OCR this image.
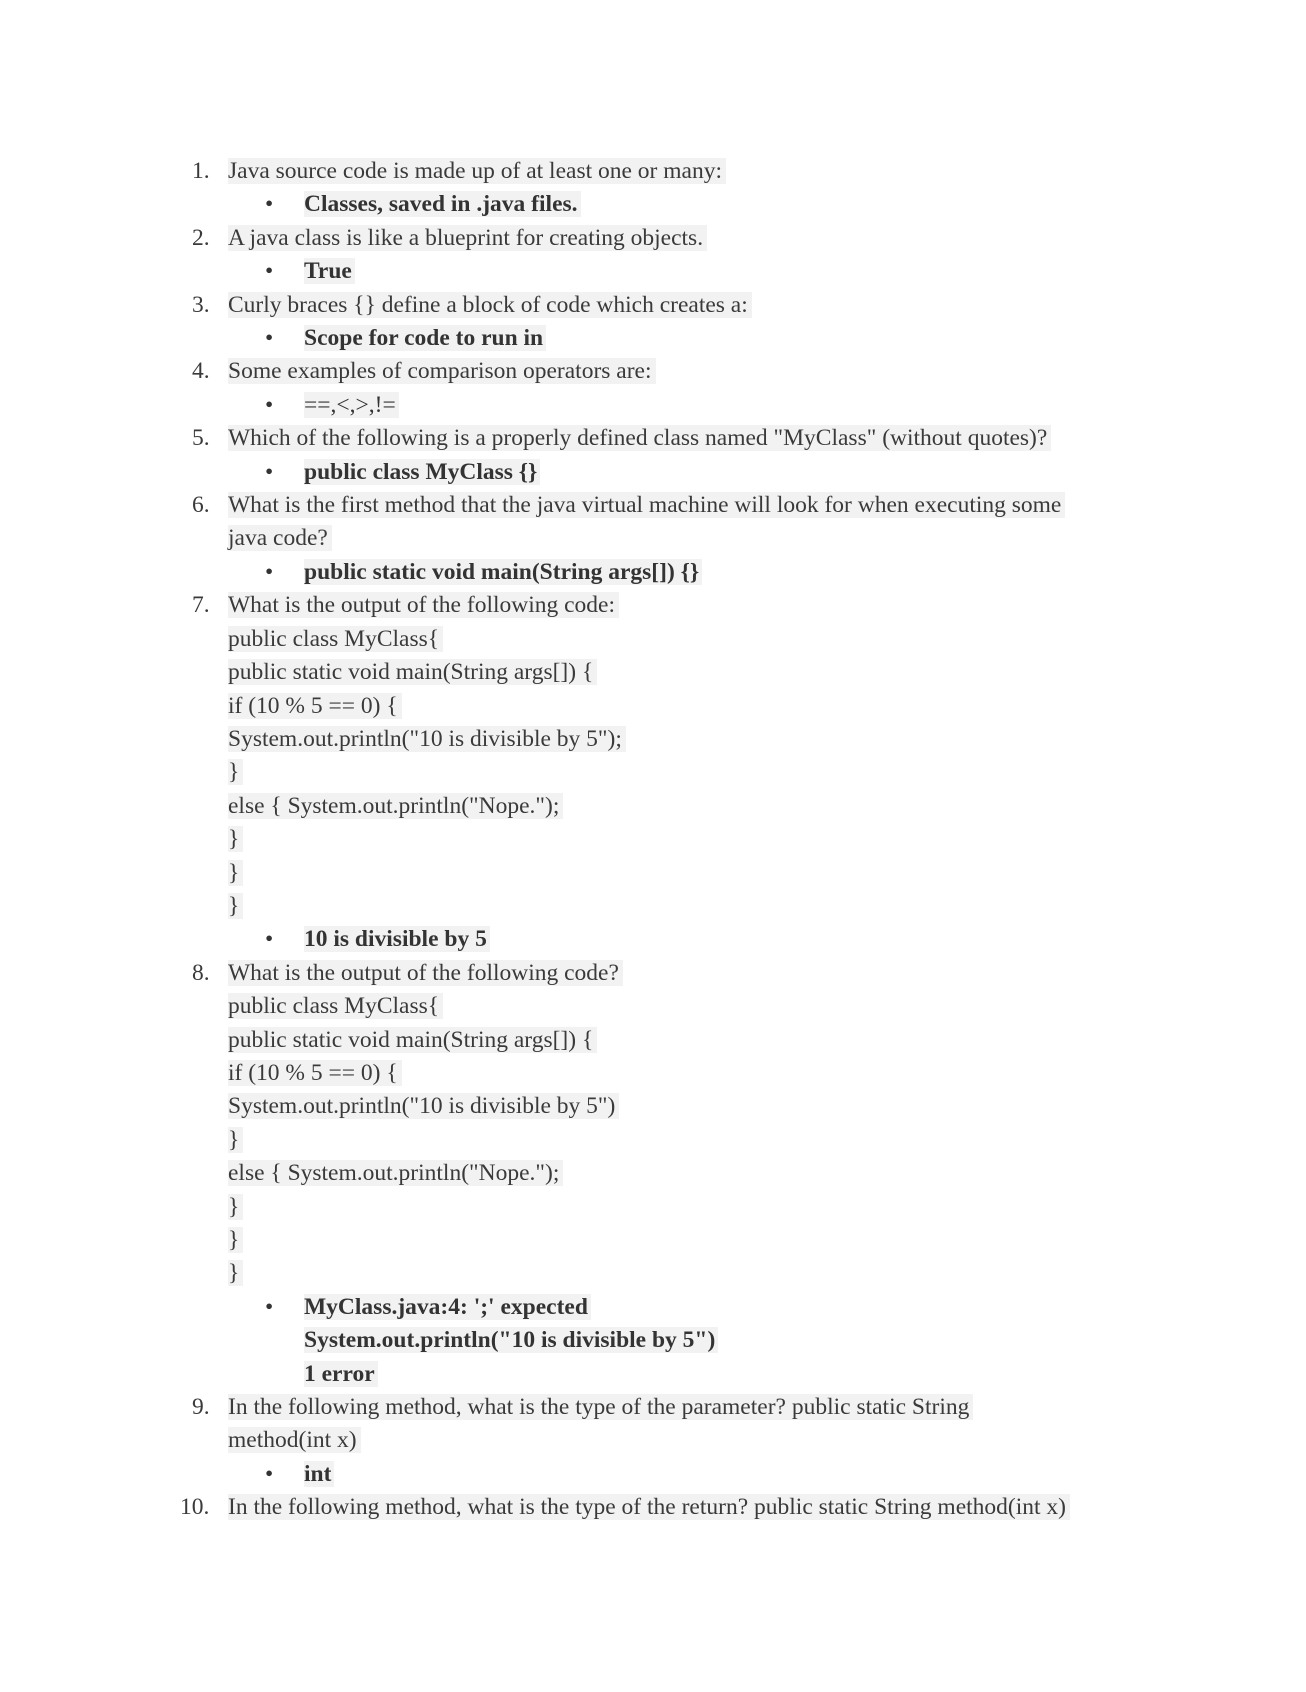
1. Java source code is made up of at least one or many:
• Classes, saved in .java files.
2. A java class is like a blueprint for creating objects.
• True
3. Curly braces {} define a block of code which creates a:
• Scope for code to run in
4. Some examples of comparison operators are:
• ==,<,>,!=
5. Which of the following is a properly defined class named "MyClass" (without quotes)?
• public class MyClass {}
6. What is the first method that the java virtual machine will look for when executing some
java code?
• public static void main(String args[]) {}
7. What is the output of the following code:
public class MyClass{
public static void main(String args[]) {
if (10 % 5 == 0) {
System.out.println("10 is divisible by 5");
}
else { System.out.println("Nope.");
}
}
}
• 10 is divisible by 5
8. What is the output of the following code?
public class MyClass{
public static void main(String args[]) {
if (10 % 5 == 0) {
System.out.println("10 is divisible by 5")
}
else { System.out.println("Nope.");
}
}
}
• MyClass.java:4: ';' expected
System.out.println("10 is divisible by 5")
1 error
9. In the following method, what is the type of the parameter? public static String
method(int x)
• int
10. In the following method, what is the type of the return? public static String method(int x)
